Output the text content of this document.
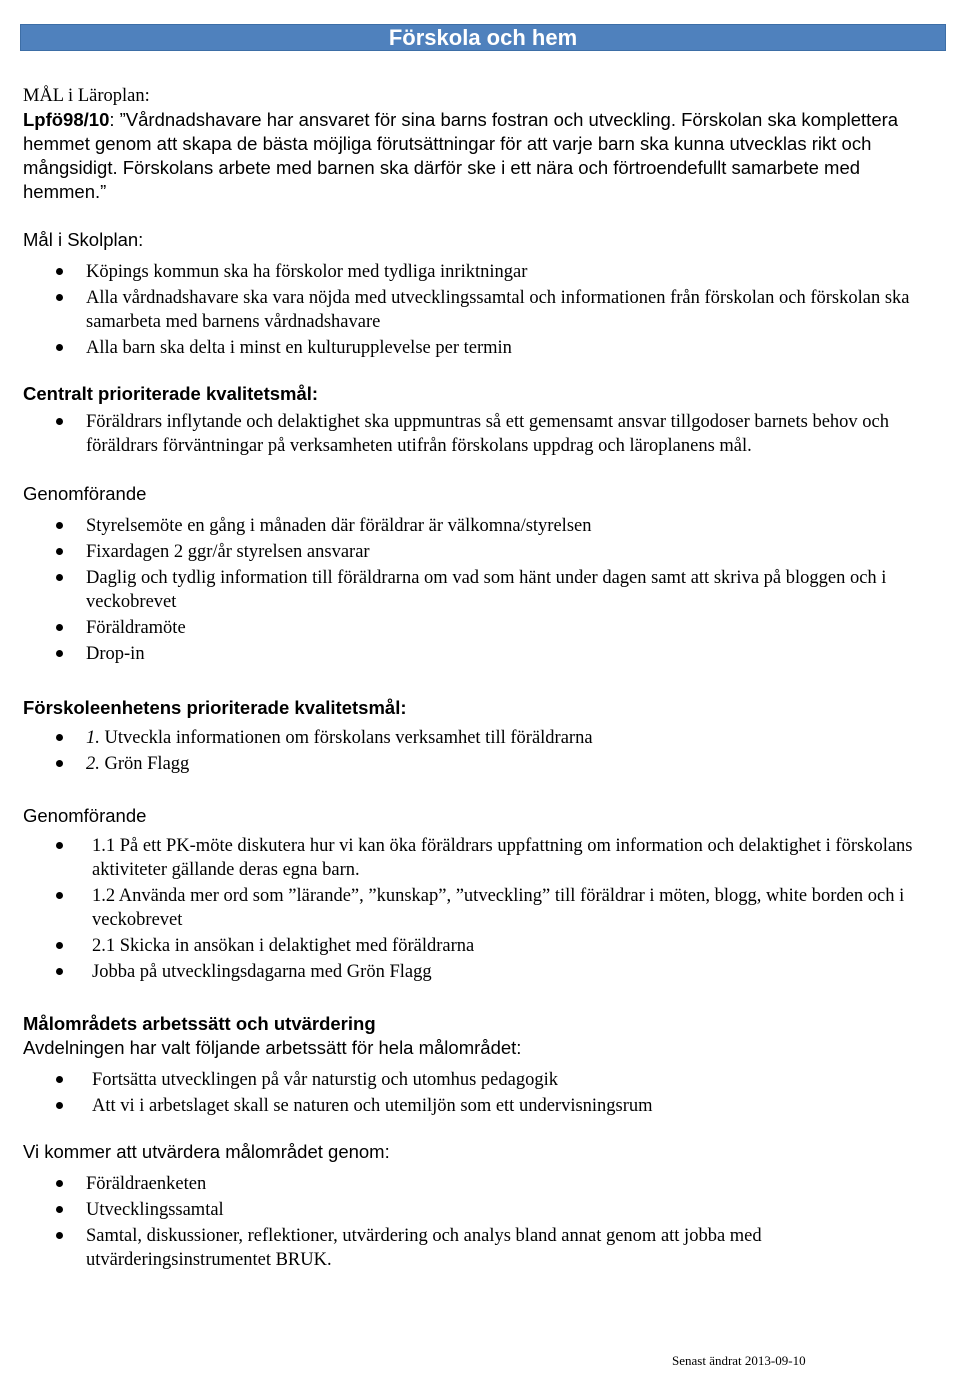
Förskola och hem

MÅL i Läroplan:

Lpfö98/10: ”Vårdnadshavare har ansvaret för sina barns fostran och utveckling. Förskolan ska komplettera hemmet genom att skapa de bästa möjliga förutsättningar för att varje barn ska kunna utvecklas rikt och mångsidigt. Förskolans arbete med barnen ska därför ske i ett nära och förtroendefullt samarbete med hemmen.”

Mål i Skolplan:

Köpings kommun ska ha förskolor med tydliga inriktningar
Alla vårdnadshavare ska vara nöjda med utvecklingssamtal och informationen från förskolan och förskolan ska samarbeta med barnens vårdnadshavare
Alla barn ska delta i minst en kulturupplevelse per termin

Centralt prioriterade kvalitetsmål:

Föräldrars inflytande och delaktighet ska uppmuntras så ett gemensamt ansvar tillgodoser barnets behov och föräldrars förväntningar på verksamheten utifrån förskolans uppdrag och läroplanens mål.

Genomförande

Styrelsemöte en gång i månaden där föräldrar är välkomna/styrelsen
Fixardagen 2 ggr/år styrelsen ansvarar
Daglig och tydlig information till föräldrarna om vad som hänt under dagen samt att skriva på bloggen och i veckobrevet
Föräldramöte
Drop-in

Förskoleenhetens prioriterade kvalitetsmål:

1. Utveckla informationen om förskolans verksamhet till föräldrarna
2. Grön Flagg

Genomförande

1.1 På ett PK-möte diskutera hur vi kan öka föräldrars uppfattning om information och delaktighet i förskolans aktiviteter gällande deras egna barn.
1.2 Använda mer ord som ”lärande”, ”kunskap”, ”utveckling” till föräldrar i möten, blogg, white borden och i veckobrevet
2.1 Skicka in ansökan i delaktighet med föräldrarna
Jobba på utvecklingsdagarna med Grön Flagg

Målområdets arbetssätt och utvärdering

Avdelningen har valt följande arbetssätt för hela målområdet:

Fortsätta utvecklingen på vår naturstig och utomhus pedagogik
Att vi i arbetslaget skall se naturen och utemiljön som ett undervisningsrum

Vi kommer att utvärdera målområdet genom:

Föräldraenketen
Utvecklingssamtal
Samtal, diskussioner, reflektioner, utvärdering och analys bland annat genom att jobba med utvärderingsinstrumentet BRUK.
Senast ändrat 2013-09-10
